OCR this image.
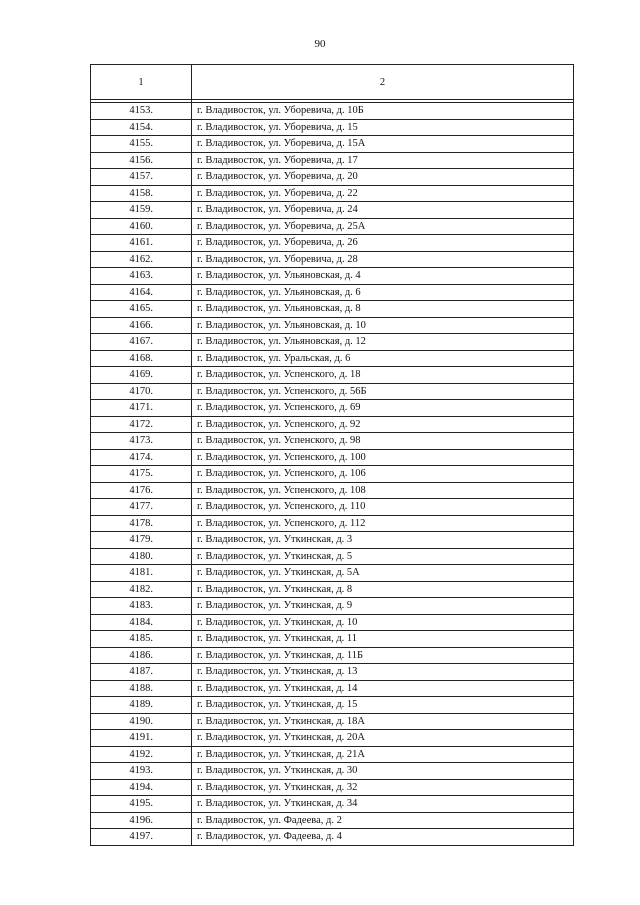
90
1	2

4153.	г. Владивосток, ул. Уборевича, д. 10Б
4154.	г. Владивосток, ул. Уборевича, д. 15
4155.	г. Владивосток, ул. Уборевича, д. 15А
4156.	г. Владивосток, ул. Уборевича, д. 17
4157.	г. Владивосток, ул. Уборевича, д. 20
4158.	г. Владивосток, ул. Уборевича, д. 22
4159.	г. Владивосток, ул. Уборевича, д. 24
4160.	г. Владивосток, ул. Уборевича, д. 25А
4161.	г. Владивосток, ул. Уборевича, д. 26
4162.	г. Владивосток, ул. Уборевича, д. 28
4163.	г. Владивосток, ул. Ульяновская, д. 4
4164.	г. Владивосток, ул. Ульяновская, д. 6
4165.	г. Владивосток, ул. Ульяновская, д. 8
4166.	г. Владивосток, ул. Ульяновская, д. 10
4167.	г. Владивосток, ул. Ульяновская, д. 12
4168.	г. Владивосток, ул. Уральская, д. 6
4169.	г. Владивосток, ул. Успенского, д. 18
4170.	г. Владивосток, ул. Успенского, д. 56Б
4171.	г. Владивосток, ул. Успенского, д. 69
4172.	г. Владивосток, ул. Успенского, д. 92
4173.	г. Владивосток, ул. Успенского, д. 98
4174.	г. Владивосток, ул. Успенского, д. 100
4175.	г. Владивосток, ул. Успенского, д. 106
4176.	г. Владивосток, ул. Успенского, д. 108
4177.	г. Владивосток, ул. Успенского, д. 110
4178.	г. Владивосток, ул. Успенского, д. 112
4179.	г. Владивосток, ул. Уткинская, д. 3
4180.	г. Владивосток, ул. Уткинская, д. 5
4181.	г. Владивосток, ул. Уткинская, д. 5А
4182.	г. Владивосток, ул. Уткинская, д. 8
4183.	г. Владивосток, ул. Уткинская, д. 9
4184.	г. Владивосток, ул. Уткинская, д. 10
4185.	г. Владивосток, ул. Уткинская, д. 11
4186.	г. Владивосток, ул. Уткинская, д. 11Б
4187.	г. Владивосток, ул. Уткинская, д. 13
4188.	г. Владивосток, ул. Уткинская, д. 14
4189.	г. Владивосток, ул. Уткинская, д. 15
4190.	г. Владивосток, ул. Уткинская, д. 18А
4191.	г. Владивосток, ул. Уткинская, д. 20А
4192.	г. Владивосток, ул. Уткинская, д. 21А
4193.	г. Владивосток, ул. Уткинская, д. 30
4194.	г. Владивосток, ул. Уткинская, д. 32
4195.	г. Владивосток, ул. Уткинская, д. 34
4196.	г. Владивосток, ул. Фадеева, д. 2
4197.	г. Владивосток, ул. Фадеева, д. 4
